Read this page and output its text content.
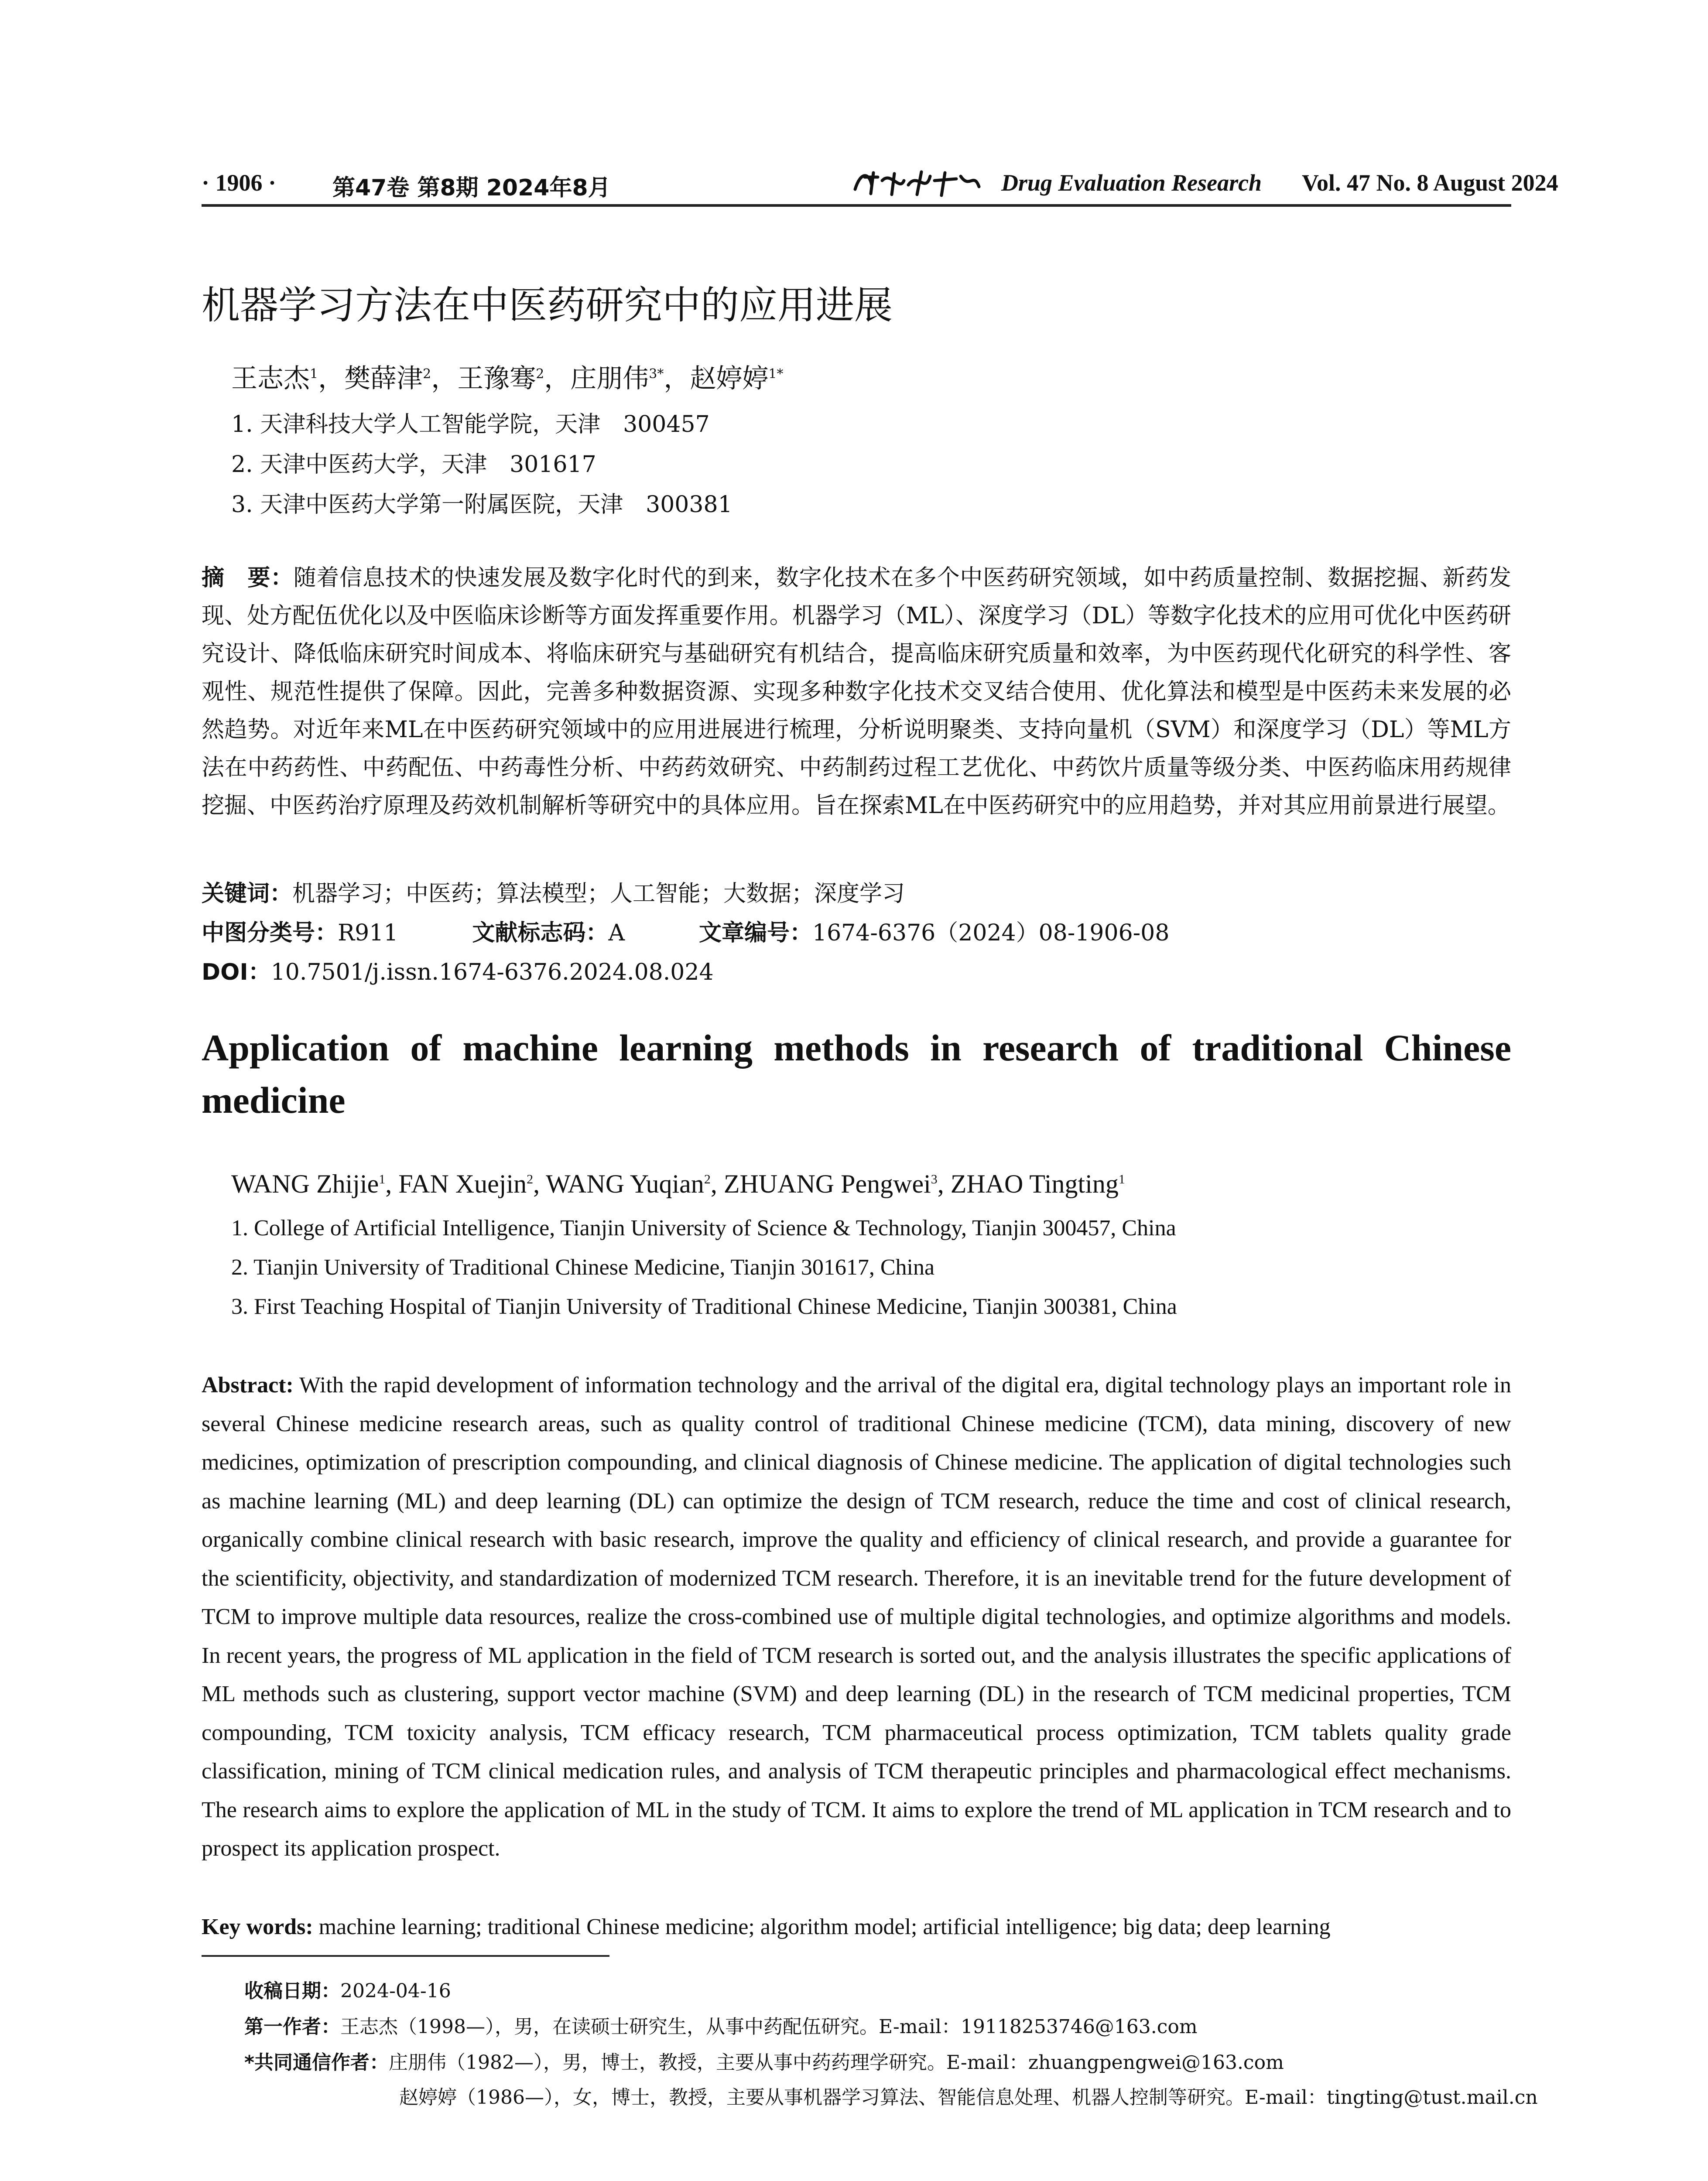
· 1906 · 第47卷 第8期 2024年8月	Drug Evaluation Research Vol. 47 No. 8 August 2024
机器学习方法在中医药研究中的应用进展
王志杰$^1$，樊薛津$^2$，王豫骞$^2$，庄朋伟$^{3*}$，赵婷婷$^{1*}$
1. 天津科技大学人工智能学院，天津　300457
2. 天津中医药大学，天津　301617
3. 天津中医药大学第一附属医院，天津　300381
摘　要：随着信息技术的快速发展及数字化时代的到来，数字化技术在多个中医药研究领域，如中药质量控制、数据挖掘、新药发现、处方配伍优化以及中医临床诊断等方面发挥重要作用。机器学习（ML）、深度学习（DL）等数字化技术的应用可优化中医药研究设计、降低临床研究时间成本、将临床研究与基础研究有机结合，提高临床研究质量和效率，为中医药现代化研究的科学性、客观性、规范性提供了保障。因此，完善多种数据资源、实现多种数字化技术交叉结合使用、优化算法和模型是中医药未来发展的必然趋势。对近年来ML在中医药研究领域中的应用进展进行梳理，分析说明聚类、支持向量机（SVM）和深度学习（DL）等ML方法在中药药性、中药配伍、中药毒性分析、中药药效研究、中药制药过程工艺优化、中药饮片质量等级分类、中医药临床用药规律挖掘、中医药治疗原理及药效机制解析等研究中的具体应用。旨在探索ML在中医药研究中的应用趋势，并对其应用前景进行展望。
关键词：机器学习；中医药；算法模型；人工智能；大数据；深度学习
中图分类号：R911	文献标志码：A	文章编号：1674-6376（2024）08-1906-08
DOI：10.7501/j.issn.1674-6376.2024.08.024
Application of machine learning methods in research of traditional Chinese medicine
WANG Zhijie$^1$, FAN Xuejin$^2$, WANG Yuqian$^2$, ZHUANG Pengwei$^3$, ZHAO Tingting$^1$
1. College of Artificial Intelligence, Tianjin University of Science & Technology, Tianjin 300457, China
2. Tianjin University of Traditional Chinese Medicine, Tianjin 301617, China
3. First Teaching Hospital of Tianjin University of Traditional Chinese Medicine, Tianjin 300381, China
Abstract: With the rapid development of information technology and the arrival of the digital era, digital technology plays an important role in several Chinese medicine research areas, such as quality control of traditional Chinese medicine (TCM), data mining, discovery of new medicines, optimization of prescription compounding, and clinical diagnosis of Chinese medicine. The application of digital technologies such as machine learning (ML) and deep learning (DL) can optimize the design of TCM research, reduce the time and cost of clinical research, organically combine clinical research with basic research, improve the quality and efficiency of clinical research, and provide a guarantee for the scientificity, objectivity, and standardization of modernized TCM research. Therefore, it is an inevitable trend for the future development of TCM to improve multiple data resources, realize the cross-combined use of multiple digital technologies, and optimize algorithms and models. In recent years, the progress of ML application in the field of TCM research is sorted out, and the analysis illustrates the specific applications of ML methods such as clustering, support vector machine (SVM) and deep learning (DL) in the research of TCM medicinal properties, TCM compounding, TCM toxicity analysis, TCM efficacy research, TCM pharmaceutical process optimization, TCM tablets quality grade classification, mining of TCM clinical medication rules, and analysis of TCM therapeutic principles and pharmacological effect mechanisms. The research aims to explore the application of ML in the study of TCM. It aims to explore the trend of ML application in TCM research and to prospect its application prospect.
Key words: machine learning; traditional Chinese medicine; algorithm model; artificial intelligence; big data; deep learning
收稿日期：2024-04-16
第一作者：王志杰（1998—），男，在读硕士研究生，从事中药配伍研究。E-mail：19118253746@163.com
*共同通信作者：庄朋伟（1982—），男，博士，教授，主要从事中药药理学研究。E-mail：zhuangpengwei@163.com
赵婷婷（1986—），女，博士，教授，主要从事机器学习算法、智能信息处理、机器人控制等研究。E-mail：tingting@tust.mail.cn
